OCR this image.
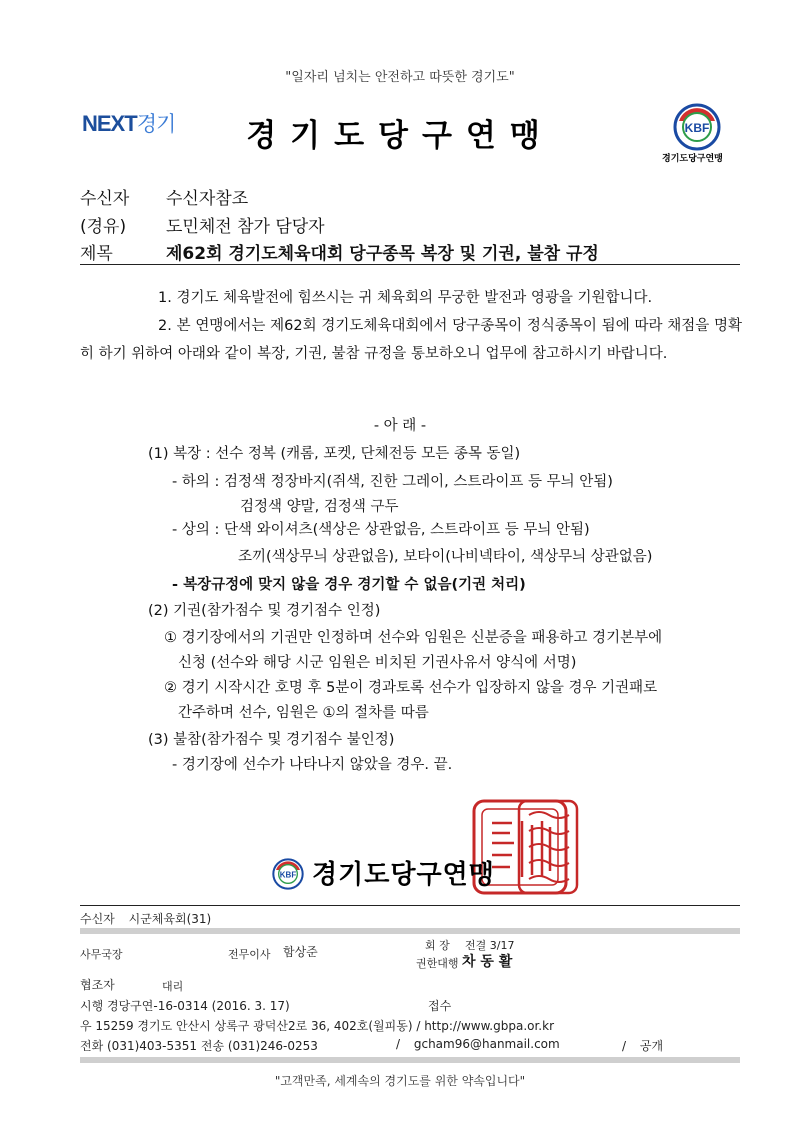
"일자리 넘치는 안전하고 따뜻한 경기도"
NEXT경기	경기도당구연맹	KBF
경기도당구연맹
수신자 수신자참조
(경유) 도민체전 참가 담당자
제목	제62회 경기도체육대회 당구종목 복장 및 기권, 불참 규정

1. 경기도 체육발전에 힘쓰시는 귀 체육회의 무궁한 발전과 영광을 기원합니다.

2. 본 연맹에서는 제62회 경기도체육대회에서 당구종목이 정식종목이 됨에 따라 채점을 명확히 하기 위하여 아래와 같이 복장, 기권, 불참 규정을 통보하오니 업무에 참고하시기 바랍니다.

- 아 래 -
(1) 복장 : 선수 정복 (캐롬, 포켓, 단체전등 모든 종목 동일)
- 하의 : 검정색 정장바지(쥐색, 진한 그레이, 스트라이프 등 무늬 안됨)
검정색 양말, 검정색 구두
- 상의 : 단색 와이셔츠(색상은 상관없음, 스트라이프 등 무늬 안됨)
조끼(색상무늬 상관없음), 보타이(나비넥타이, 색상무늬 상관없음)
- 복장규정에 맞지 않을 경우 경기할 수 없음(기권 처리)
(2) 기권(참가점수 및 경기점수 인정)
① 경기장에서의 기권만 인정하며 선수와 임원은 신분증을 패용하고 경기본부에
신청 (선수와 해당 시군 임원은 비치된 기권사유서 양식에 서명)
② 경기 시작시간 호명 후 5분이 경과토록 선수가 입장하지 않을 경우 기권패로
간주하며 선수, 임원은 ①의 절차를 따름
(3) 불참(참가점수 및 경기점수 불인정)
- 경기장에 선수가 나타나지 않았을 경우. 끝.
KBF 경기도당구연맹
수신자 시군체육회(31)
사무국장	전무이사 함상준	회 장 전결 3/17
권한대행 차 동 활
협조자	대리
시행 경당구연-16-0314 (2016. 3. 17)	접수
우 15259 경기도 안산시 상록구 광덕산2로 36, 402호(월피동) / http://www.gbpa.or.kr
전화 (031)403-5351 전송 (031)246-0253	/ gcham96@hanmail.com	/ 공개
"고객만족, 세계속의 경기도를 위한 약속입니다"
